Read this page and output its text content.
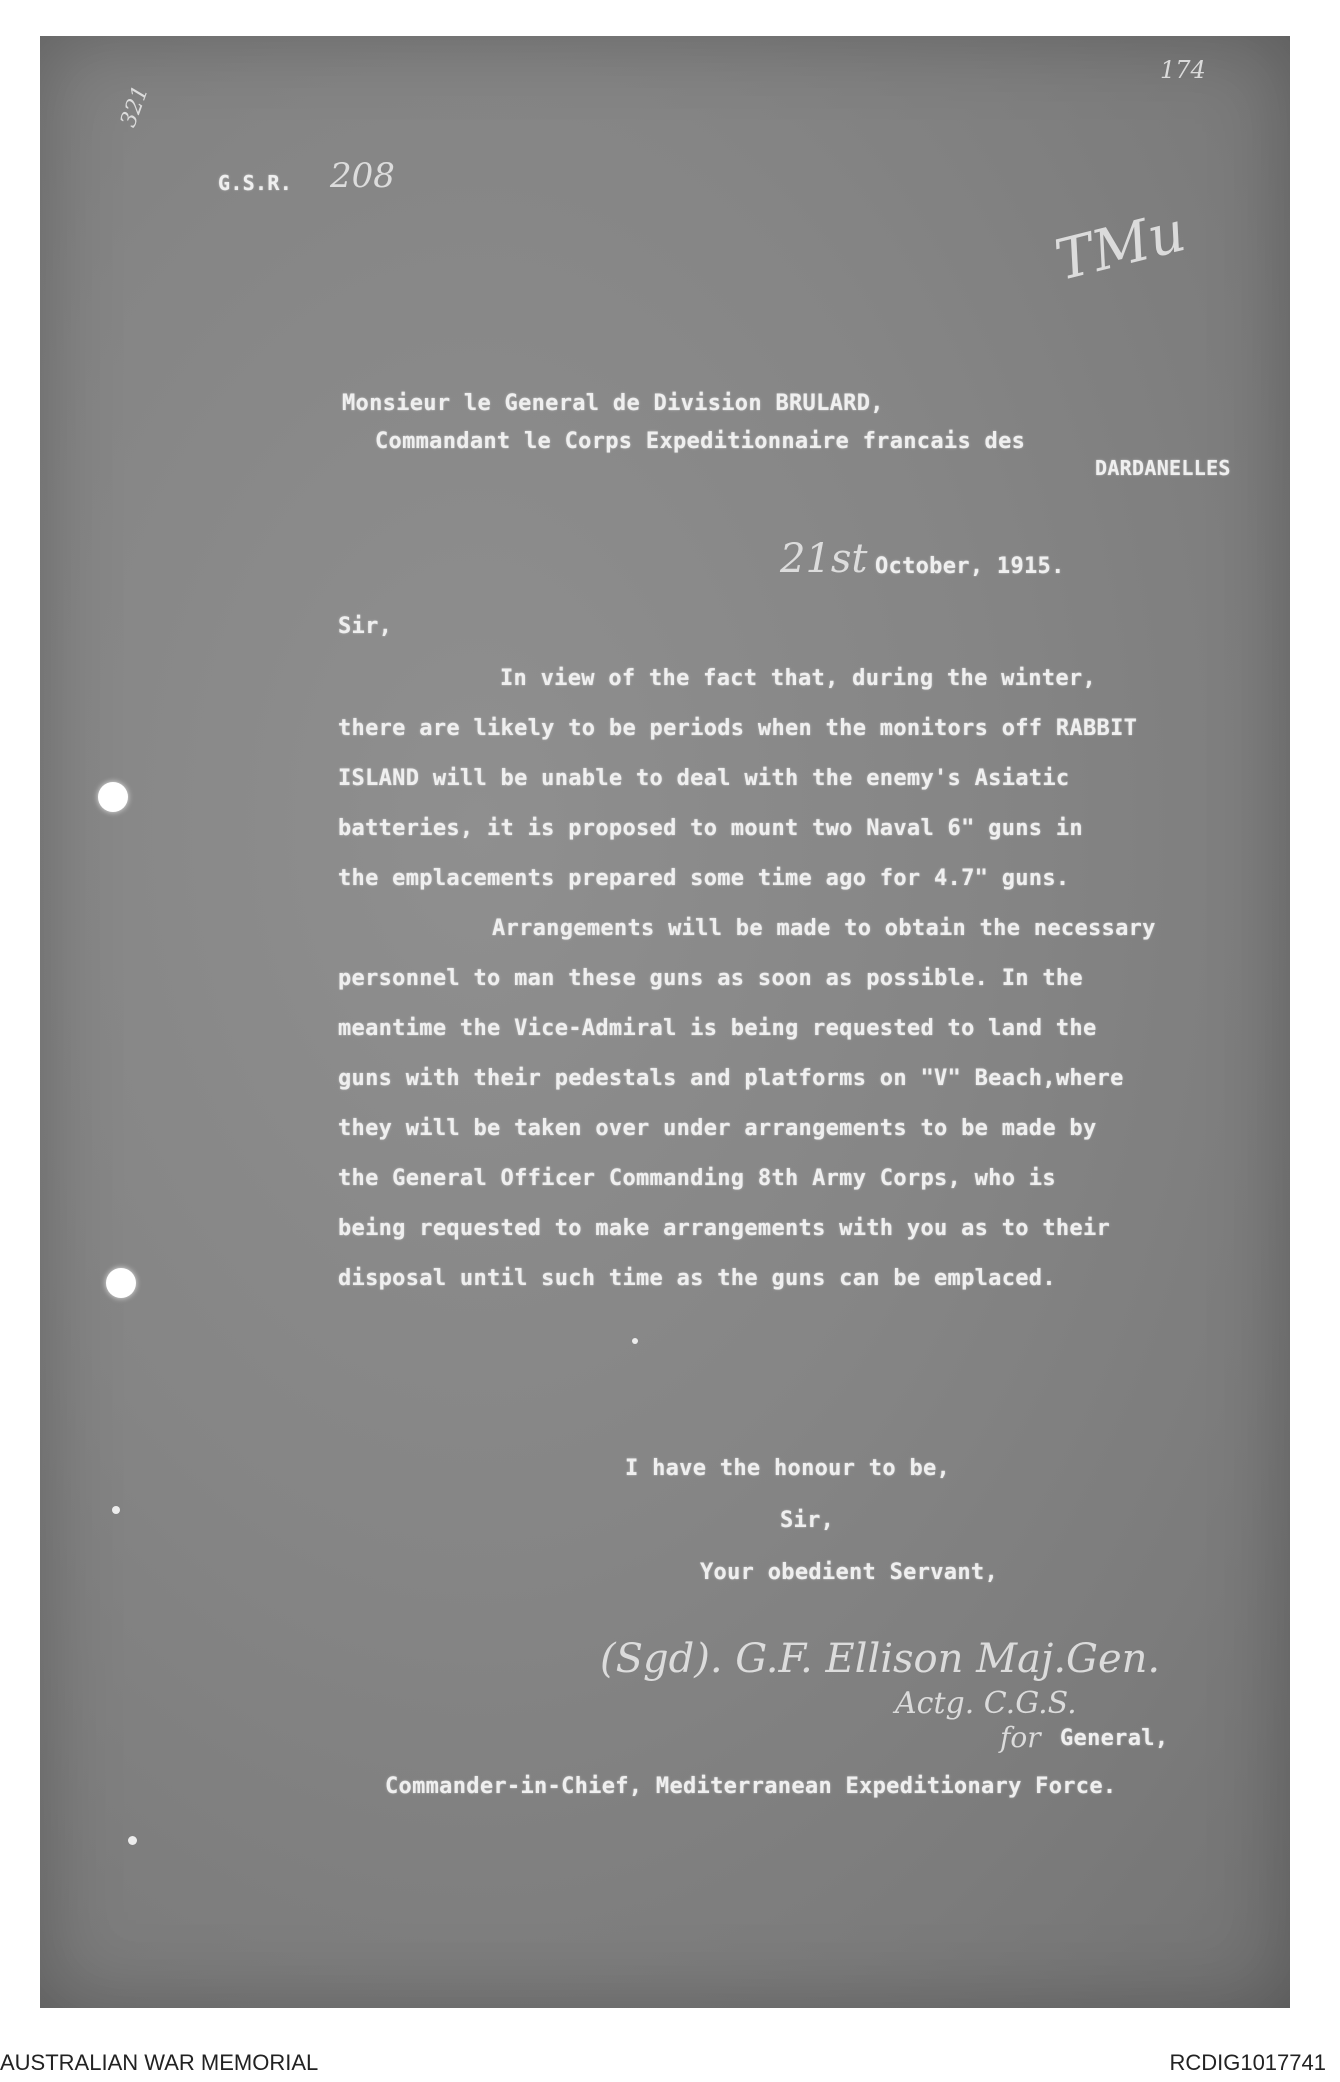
174
321
TMu
G.S.R. 208
Monsieur le General de Division BRULARD,
Commandant le Corps Expeditionnaire francais des
DARDANELLES
21st October, 1915.
Sir,
In view of the fact that, during the winter,
there are likely to be periods when the monitors off RABBIT
ISLAND will be unable to deal with the enemy's Asiatic
batteries, it is proposed to mount two Naval 6" guns in
the emplacements prepared some time ago for 4.7" guns.
Arrangements will be made to obtain the necessary
personnel to man these guns as soon as possible. In the
meantime the Vice-Admiral is being requested to land the
guns with their pedestals and platforms on "V" Beach,where
they will be taken over under arrangements to be made by
the General Officer Commanding 8th Army Corps, who is
being requested to make arrangements with you as to their
disposal until such time as the guns can be emplaced.
I have the honour to be,
Sir,
Your obedient Servant,
(Sgd). G.F. Ellison Maj.Gen.
Actg. C.G.S.
for General,
Commander-in-Chief, Mediterranean Expeditionary Force.
AUSTRALIAN WAR MEMORIAL	RCDIG1017741
